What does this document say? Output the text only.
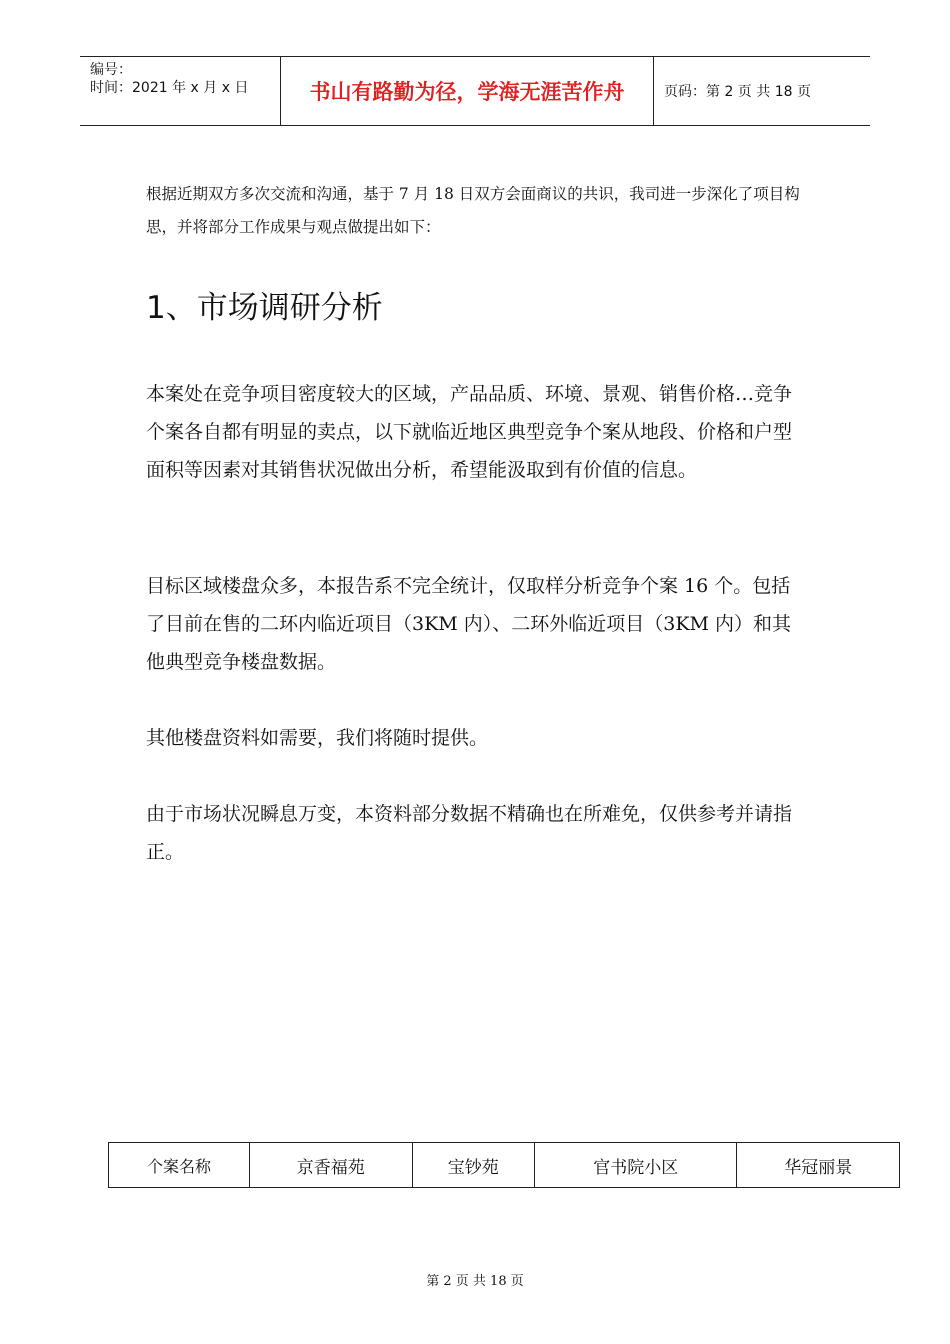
编号：
时间：2021 年 x 月 x 日	书山有路勤为径，学海无涯苦作舟	页码：第 2 页 共 18 页
根据近期双方多次交流和沟通，基于 7 月 18 日双方会面商议的共识，我司进一步深化了项目构思，并将部分工作成果与观点做提出如下：
1、市场调研分析

本案处在竞争项目密度较大的区域，产品品质、环境、景观、销售价格…竞争个案各自都有明显的卖点，以下就临近地区典型竞争个案从地段、价格和户型面积等因素对其销售状况做出分析，希望能汲取到有价值的信息。

目标区域楼盘众多，本报告系不完全统计，仅取样分析竞争个案 16 个。包括了目前在售的二环内临近项目（3KM 内）、二环外临近项目（3KM 内）和其他典型竞争楼盘数据。

其他楼盘资料如需要，我们将随时提供。

由于市场状况瞬息万变，本资料部分数据不精确也在所难免，仅供参考并请指正。

个案名称	京香福苑	宝钞苑	官书院小区	华冠丽景
第 2 页 共 18 页
